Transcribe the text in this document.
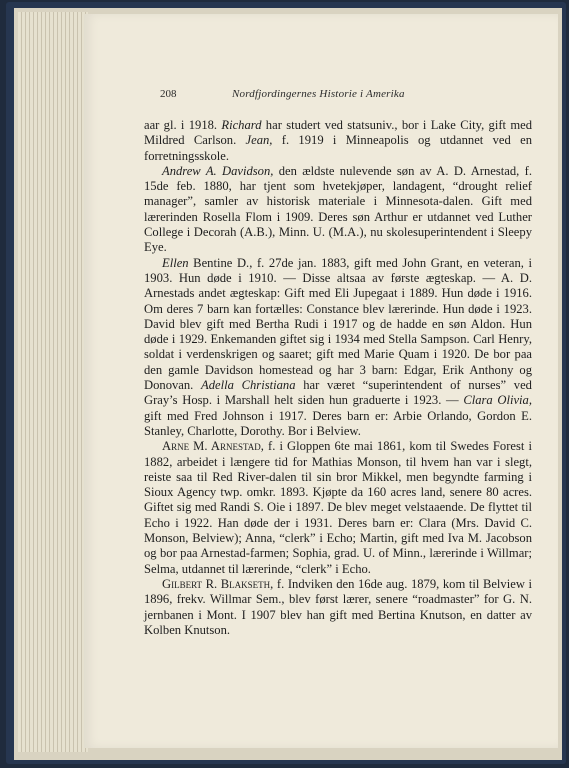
208	Nordfjordingernes Historie i Amerika

aar gl. i 1918. Richard har studert ved statsuniv., bor i Lake City, gift med Mildred Carlson. Jean, f. 1919 i Minneapolis og utdannet ved en forretningsskole.

Andrew A. Davidson, den ældste nulevende søn av A. D. Arnestad, f. 15de feb. 1880, har tjent som hvetekjøper, landagent, “drought relief manager”, samler av historisk materiale i Minnesota-dalen. Gift med lærerinden Rosella Flom i 1909. Deres søn Arthur er utdannet ved Luther College i Decorah (A.B.), Minn. U. (M.A.), nu skolesuperintendent i Sleepy Eye.

Ellen Bentine D., f. 27de jan. 1883, gift med John Grant, en veteran, i 1903. Hun døde i 1910. — Disse altsaa av første ægteskap. — A. D. Arnestads andet ægteskap: Gift med Eli Jupegaat i 1889. Hun døde i 1916. Om deres 7 barn kan fortælles: Constance blev lærerinde. Hun døde i 1923. David blev gift med Bertha Rudi i 1917 og de hadde en søn Aldon. Hun døde i 1929. Enkemanden giftet sig i 1934 med Stella Sampson. Carl Henry, soldat i verdenskrigen og saaret; gift med Marie Quam i 1920. De bor paa den gamle Davidson homestead og har 3 barn: Edgar, Erik Anthony og Donovan. Adella Christiana har været “superintendent of nurses” ved Gray’s Hosp. i Marshall helt siden hun graduerte i 1923. — Clara Olivia, gift med Fred Johnson i 1917. Deres barn er: Arbie Orlando, Gordon E. Stanley, Charlotte, Dorothy. Bor i Belview.

Arne M. Arnestad, f. i Gloppen 6te mai 1861, kom til Swedes Forest i 1882, arbeidet i længere tid for Mathias Monson, til hvem han var i slegt, reiste saa til Red River-dalen til sin bror Mikkel, men begyndte farming i Sioux Agency twp. omkr. 1893. Kjøpte da 160 acres land, senere 80 acres. Giftet sig med Randi S. Oie i 1897. De blev meget velstaaende. De flyttet til Echo i 1922. Han døde der i 1931. Deres barn er: Clara (Mrs. David C. Monson, Belview); Anna, “clerk” i Echo; Martin, gift med Iva M. Jacobson og bor paa Arnestad-farmen; Sophia, grad. U. of Minn., lærerinde i Willmar; Selma, utdannet til lærerinde, “clerk” i Echo.

Gilbert R. Blakseth, f. Indviken den 16de aug. 1879, kom til Belview i 1896, frekv. Willmar Sem., blev først lærer, senere “roadmaster” for G. N. jernbanen i Mont. I 1907 blev han gift med Bertina Knutson, en datter av Kolben Knutson.
